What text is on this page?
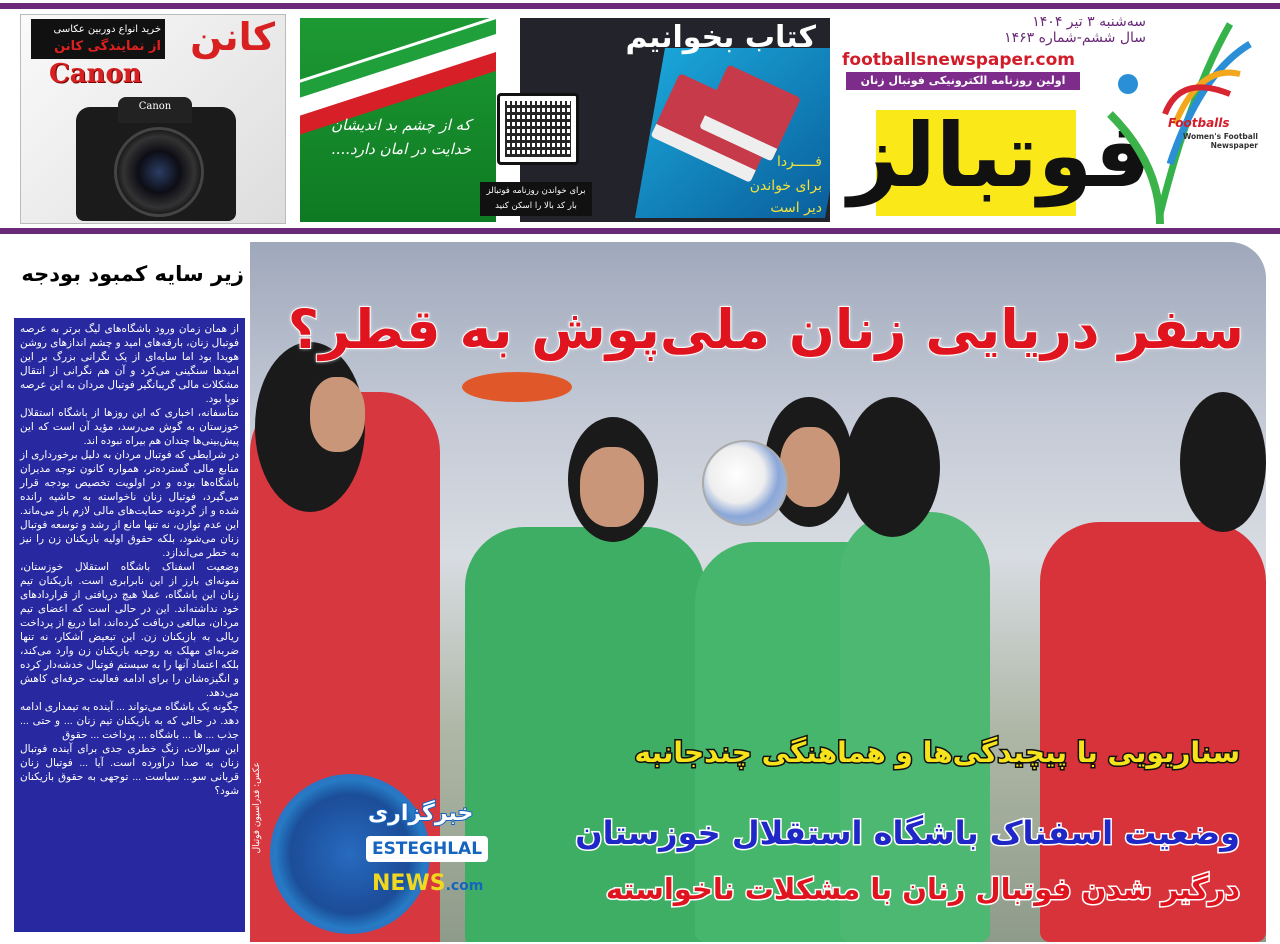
خرید انواع دوربین عکاسی
از نمایندگی کانن کانن
Canon
Canon
که از چشم بد اندیشان
خدایت در امان دارد....
کتاب بخوانیم
فـــــردا
برای خواندن
دیر است
برای خواندن روزنامه فوتبالز
بار کد بالا را اسکن کنید
سه‌شنبه ۳ تیر ۱۴۰۴
سال ششم-شماره ۱۴۶۳
footballsnewspaper.com
اولین روزنامه الکترونیکی فوتبال زنان ایران
فوتبالز Footballs
Women's Football Newspaper
زیر سایه کمبود بودجه

از همان زمان ورود باشگاه‌های لیگ برتر به عرصه فوتبال زنان، بارقه‌های امید و چشم اندازهای روشن هویدا بود اما سایه‌ای از یک نگرانی بزرگ بر این امیدها سنگینی می‌کرد و آن هم نگرانی از انتقال مشکلات مالی گریبانگیر فوتبال مردان به این عرصه نوپا بود.

متأسفانه، اخباری که این روزها از باشگاه استقلال خوزستان به گوش می‌رسد، مؤید آن است که این پیش‌بینی‌ها چندان هم بیراه نبوده اند.

در شرایطی که فوتبال مردان به دلیل برخورداری از منابع مالی گسترده‌تر، همواره کانون توجه مدیران باشگاه‌ها بوده و در اولویت تخصیص بودجه قرار می‌گیرد، فوتبال زنان ناخواسته به حاشیه رانده شده و از گردونه حمایت‌های مالی لازم باز می‌ماند. این عدم توازن، نه تنها مانع از رشد و توسعه فوتبال زنان می‌شود، بلکه حقوق اولیه بازیکنان زن را نیز به خطر می‌اندازد.

وضعیت اسفناک باشگاه استقلال خوزستان، نمونه‌ای بارز از این نابرابری است. بازیکنان تیم زنان این باشگاه، عملا هیچ دریافتی از قراردادهای خود نداشته‌اند. این در حالی است که اعضای تیم مردان، مبالغی دریافت کرده‌اند، اما دریغ از پرداخت ریالی به بازیکنان زن. این تبعیض آشکار، نه تنها ضربه‌ای مهلک به روحیه بازیکنان زن وارد می‌کند، بلکه اعتماد آنها را به سیستم فوتبال خدشه‌دار کرده و انگیزه‌شان را برای ادامه فعالیت حرفه‌ای کاهش می‌دهد.

چگونه یک باشگاه می‌تواند ... آینده به تیمداری ادامه دهد. در حالی که به بازیکنان تیم زنان ... و حتی ... جذب ... ها ... باشگاه ... پرداخت ... حقوق

این سوالات، زنگ خطری جدی برای آینده فوتبال زنان به صدا درآورده است. آیا ... فوتبال زنان قربانی سو... سیاست ... توجهی به حقوق بازیکنان شود؟

سفر دریایی زنان ملی‌پوش به قطر؟
سناریویی با پیچیدگی‌ها و هماهنگی چندجانبه
وضعیت اسفناک باشگاه استقلال خوزستان
درگیر شدن فوتبال زنان با مشکلات ناخواسته
عکس: فدراسیون فوتبال	خبرگزاری
ESTEGHLAL
NEWS.com
